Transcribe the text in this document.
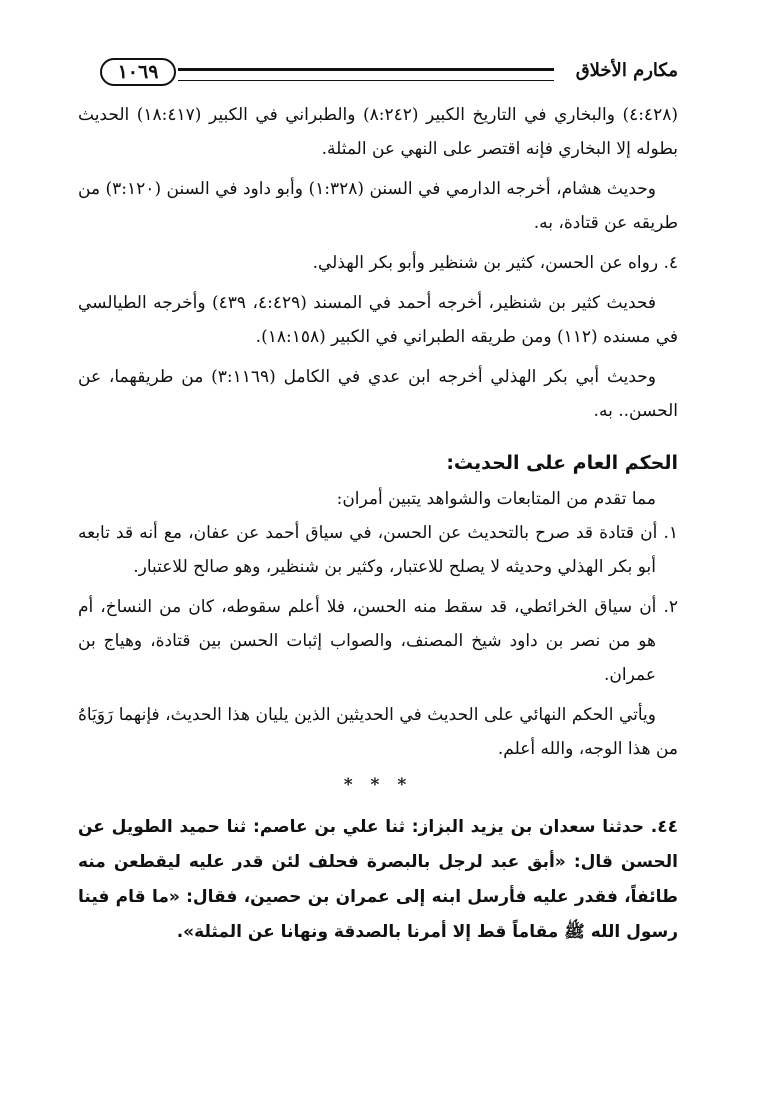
مكارم الأخلاق
١٠٦٩

(٤:٤٢٨) والبخاري في التاريخ الكبير (٨:٢٤٢) والطبراني في الكبير (١٨:٤١٧) الحديث بطوله إلا البخاري فإنه اقتصر على النهي عن المثلة.

وحديث هشام، أخرجه الدارمي في السنن (١:٣٢٨) وأبو داود في السنن (٣:١٢٠) من طريقه عن قتادة، به.

٤. رواه عن الحسن، كثير بن شنظير وأبو بكر الهذلي.

فحديث كثير بن شنظير، أخرجه أحمد في المسند (٤:٤٢٩، ٤٣٩) وأخرجه الطيالسي في مسنده (١١٢) ومن طريقه الطبراني في الكبير (١٨:١٥٨).

وحديث أبي بكر الهذلي أخرجه ابن عدي في الكامل (٣:١١٦٩) من طريقهما، عن الحسن.. به.

الحكم العام على الحديث:

مما تقدم من المتابعات والشواهد يتبين أمران:

١. أن قتادة قد صرح بالتحديث عن الحسن، في سياق أحمد عن عفان، مع أنه قد تابعه أبو بكر الهذلي وحديثه لا يصلح للاعتبار، وكثير بن شنظير، وهو صالح للاعتبار.

٢. أن سياق الخرائطي، قد سقط منه الحسن، فلا أعلم سقوطه، كان من النساخ، أم هو من نصر بن داود شيخ المصنف، والصواب إثبات الحسن بين قتادة، وهياج بن عمران.

ويأتي الحكم النهائي على الحديث في الحديثين الذين يليان هذا الحديث، فإنهما رَوَيَاهُ من هذا الوجه، والله أعلم.

* * *

٤٤. حدثنا سعدان بن يزيد البزاز: ثنا علي بن عاصم: ثنا حميد الطويل عن الحسن قال: «أبق عبد لرجل بالبصرة فحلف لئن قدر عليه ليقطعن منه طائفاً، فقدر عليه فأرسل ابنه إلى عمران بن حصين، فقال: «ما قام فينا رسول الله ﷺ مقاماً قط إلا أمرنا بالصدقة ونهانا عن المثلة».
